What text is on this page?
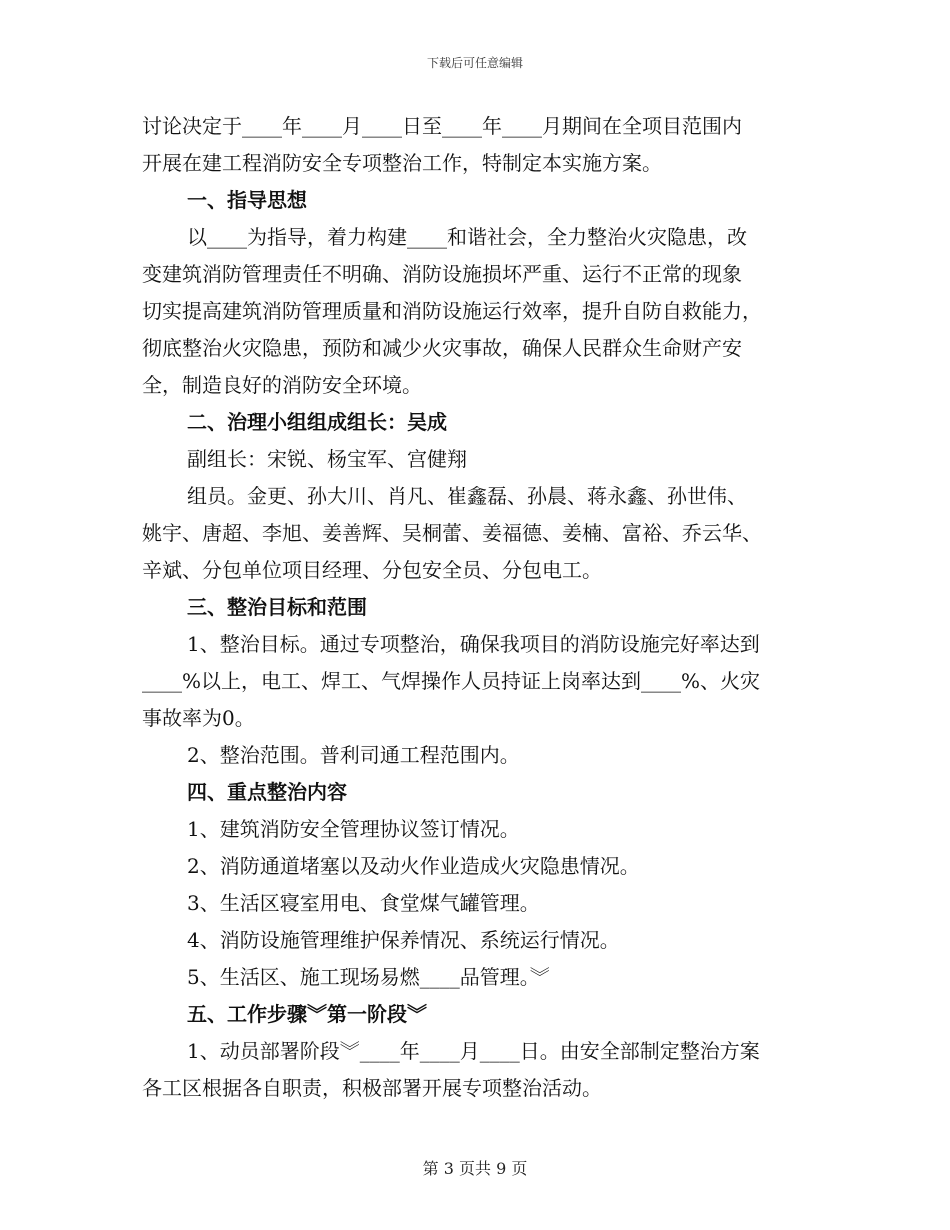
下载后可任意编辑
讨论决定于____年____月____日至____年____月期间在全项目范围内
开展在建工程消防安全专项整治工作，特制定本实施方案。
一、指导思想
以____为指导，着力构建____和谐社会，全力整治火灾隐患，改
变建筑消防管理责任不明确、消防设施损坏严重、运行不正常的现象
切实提高建筑消防管理质量和消防设施运行效率，提升自防自救能力，
彻底整治火灾隐患，预防和减少火灾事故，确保人民群众生命财产安
全，制造良好的消防安全环境。
二、治理小组组成组长：吴成
副组长：宋锐、杨宝军、宫健翔
组员。金更、孙大川、肖凡、崔鑫磊、孙晨、蒋永鑫、孙世伟、
姚宇、唐超、李旭、姜善辉、吴桐蕾、姜福德、姜楠、富裕、乔云华、
辛斌、分包单位项目经理、分包安全员、分包电工。
三、整治目标和范围
1、整治目标。通过专项整治，确保我项目的消防设施完好率达到
____%以上，电工、焊工、气焊操作人员持证上岗率达到____%、火灾
事故率为0。
2、整治范围。普利司通工程范围内。
四、重点整治内容
1、建筑消防安全管理协议签订情况。
2、消防通道堵塞以及动火作业造成火灾隐患情况。
3、生活区寝室用电、食堂煤气罐管理。
4、消防设施管理维护保养情况、系统运行情况。
5、生活区、施工现场易燃____品管理。︾
五、工作步骤︾第一阶段︾
1、动员部署阶段︾____年____月____日。由安全部制定整治方案
各工区根据各自职责，积极部署开展专项整治活动。
第 3 页共 9 页
